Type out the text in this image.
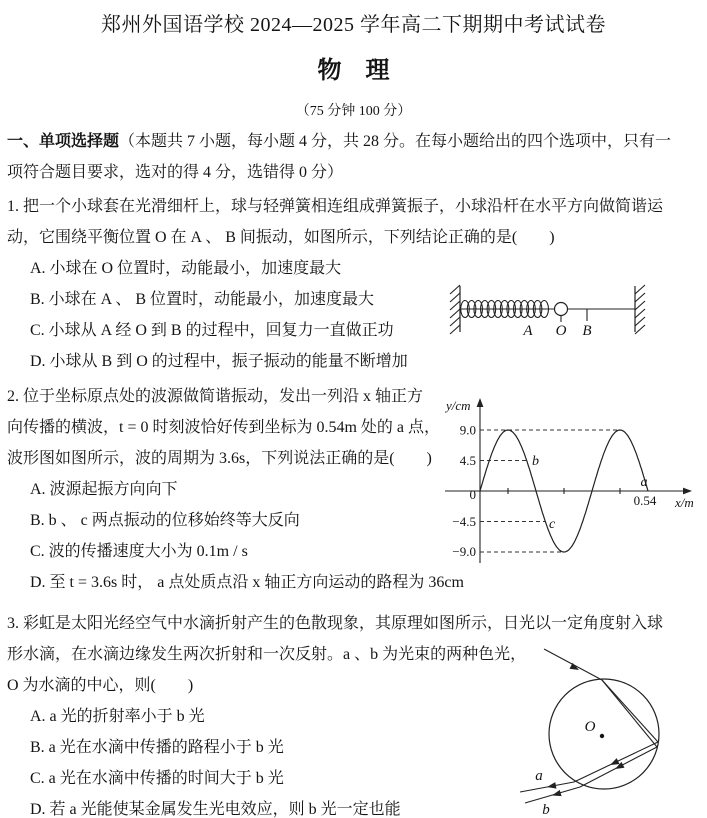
郑州外国语学校 2024—2025 学年高二下期期中考试试卷
物　理
（75 分钟 100 分）
一、单项选择题（本题共 7 小题，每小题 4 分，共 28 分。在每小题给出的四个选项中，只有一
项符合题目要求，选对的得 4 分，选错得 0 分）
1. 把一个小球套在光滑细杆上，球与轻弹簧相连组成弹簧振子，小球沿杆在水平方向做简谐运
动，它围绕平衡位置 O 在 A 、 B 间振动，如图所示，下列结论正确的是(　　)
A. 小球在 O 位置时，动能最小，加速度最大
B. 小球在 A 、 B 位置时，动能最小，加速度最大
C. 小球从 A 经 O 到 B 的过程中，回复力一直做正功
D. 小球从 B 到 O 的过程中，振子振动的能量不断增加
A O B
2. 位于坐标原点处的波源做简谐振动，发出一列沿 x 轴正方
向传播的横波，t = 0 时刻波恰好传到坐标为 0.54m 处的 a 点，
波形图如图所示，波的周期为 3.6s，下列说法正确的是(　　)
A. 波源起振方向向下
B. b 、 c 两点振动的位移始终等大反向
C. 波的传播速度大小为 0.1m / s
D. 至 t = 3.6s 时， a 点处质点沿 x 轴正方向运动的路程为 36cm
y/cm
x/m
9.0
4.5
0
−4.5
−9.0
0.54
a
b
c
3. 彩虹是太阳光经空气中水滴折射产生的色散现象，其原理如图所示，日光以一定角度射入球
形水滴，在水滴边缘发生两次折射和一次反射。a 、b 为光束的两种色光，
O 为水滴的中心，则(　　)
A. a 光的折射率小于 b 光
B. a 光在水滴中传播的路程小于 b 光
C. a 光在水滴中传播的时间大于 b 光
D. 若 a 光能使某金属发生光电效应，则 b 光一定也能
O
a
b
